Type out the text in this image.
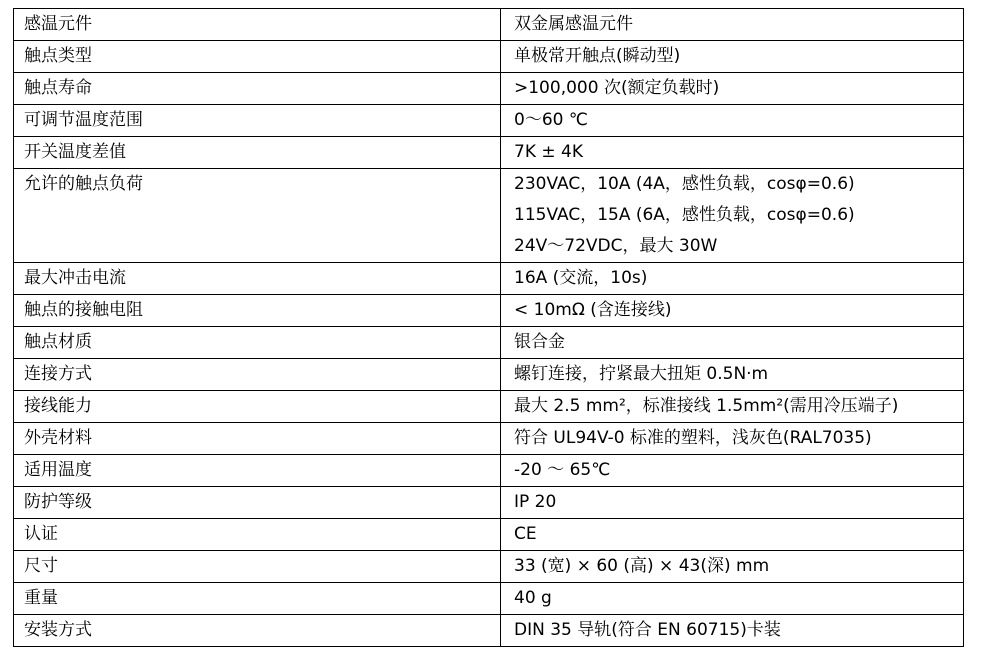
感温元件	双金属感温元件
触点类型	单极常开触点(瞬动型)
触点寿命	>100,000 次(额定负载时)
可调节温度范围	0～60 ℃
开关温度差值	7K ± 4K
允许的触点负荷	230VAC，10A (4A，感性负载，cosφ=0.6)
115VAC，15A (6A，感性负载，cosφ=0.6)
24V～72VDC，最大 30W

最大冲击电流	16A (交流，10s)
触点的接触电阻	< 10mΩ (含连接线)
触点材质	银合金
连接方式	螺钉连接，拧紧最大扭矩 0.5N·m
接线能力	最大 2.5 mm²，标准接线 1.5mm²(需用冷压端子)
外壳材料	符合 UL94V-0 标准的塑料，浅灰色(RAL7035)
适用温度	-20 ～ 65℃
防护等级	IP 20
认证	CE
尺寸	33 (宽) × 60 (高) × 43(深) mm
重量	40 g
安装方式	DIN 35 导轨(符合 EN 60715)卡装
